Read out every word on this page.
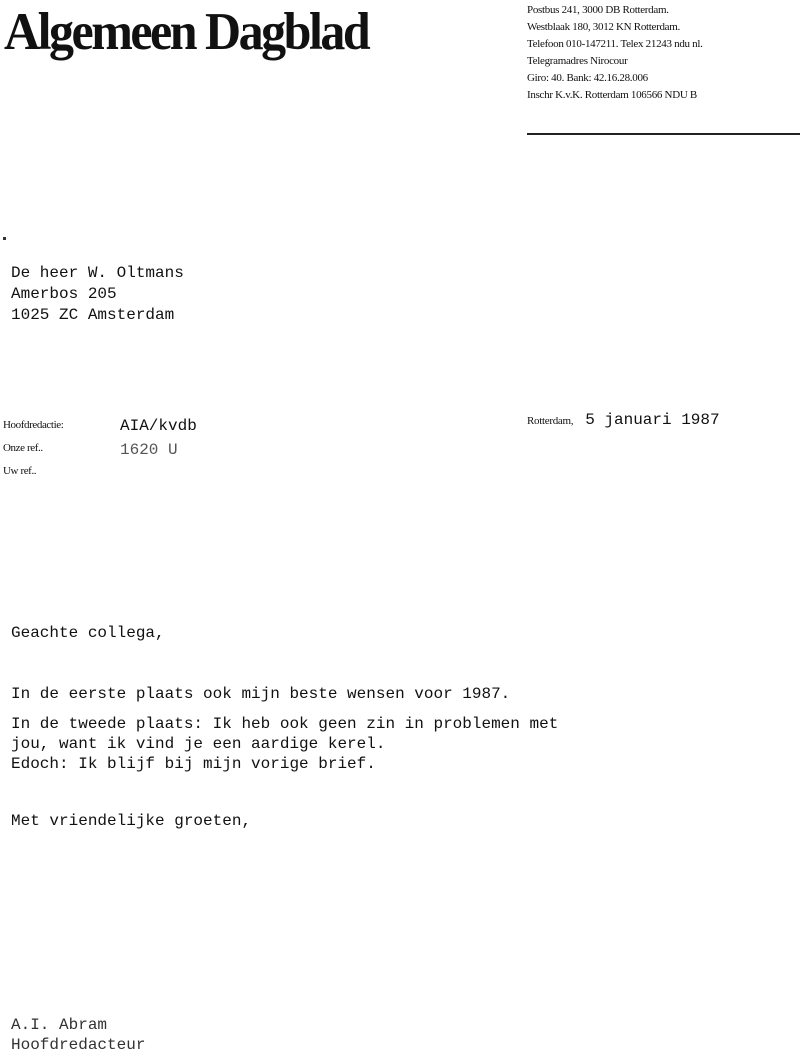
Algemeen Dagblad	Postbus 241, 3000 DB Rotterdam.
Westblaak 180, 3012 KN Rotterdam.
Telefoon 010-147211. Telex 21243 ndu nl.
Telegramadres Nirocour
Giro: 40. Bank: 42.16.28.006
Inschr K.v.K. Rotterdam 106566 NDU B
De heer W. Oltmans
Amerbos 205
1025 ZC Amsterdam
Hoofdredactie:
Onze ref..
Uw ref..
AIA/kvdb
1620 U
Rotterdam, 5 januari 1987
Geachte collega,

In de eerste plaats ook mijn beste wensen voor 1987.

In de tweede plaats: Ik heb ook geen zin in problemen met
jou, want ik vind je een aardige kerel.
Edoch: Ik blijf bij mijn vorige brief.

Met vriendelijke groeten,
A.I. Abram
Hoofdredacteur
